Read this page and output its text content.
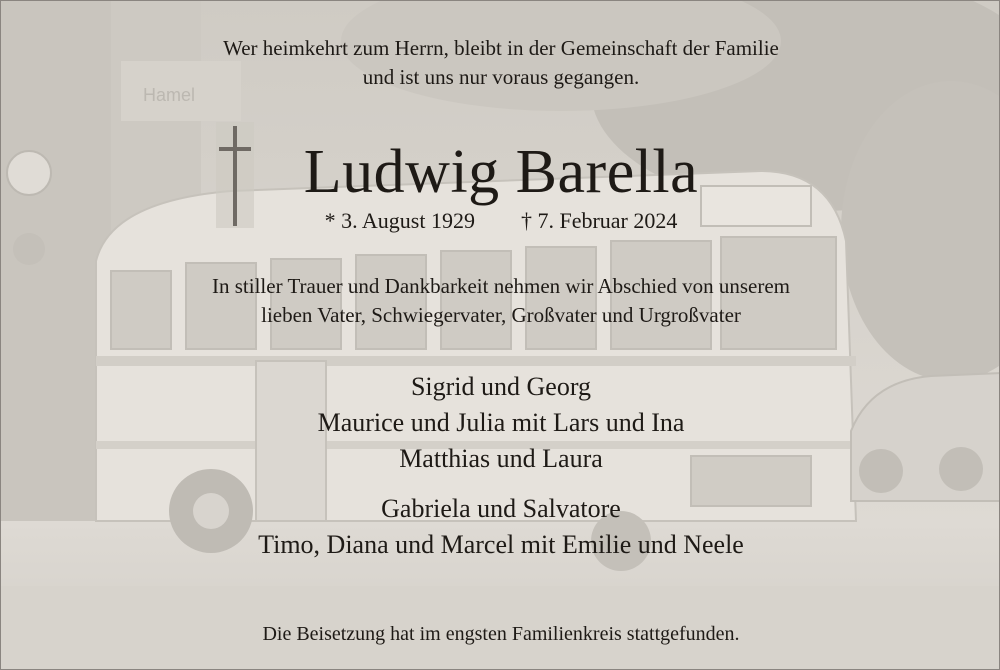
Hamel
Wer heimkehrt zum Herrn, bleibt in der Gemeinschaft der Familie
und ist uns nur voraus gegangen.
Ludwig Barella
* 3. August 1929 † 7. Februar 2024
In stiller Trauer und Dankbarkeit nehmen wir Abschied von unserem
lieben Vater, Schwiegervater, Großvater und Urgroßvater
Sigrid und Georg
Maurice und Julia mit Lars und Ina
Matthias und Laura
Gabriela und Salvatore
Timo, Diana und Marcel mit Emilie und Neele
Die Beisetzung hat im engsten Familienkreis stattgefunden.
